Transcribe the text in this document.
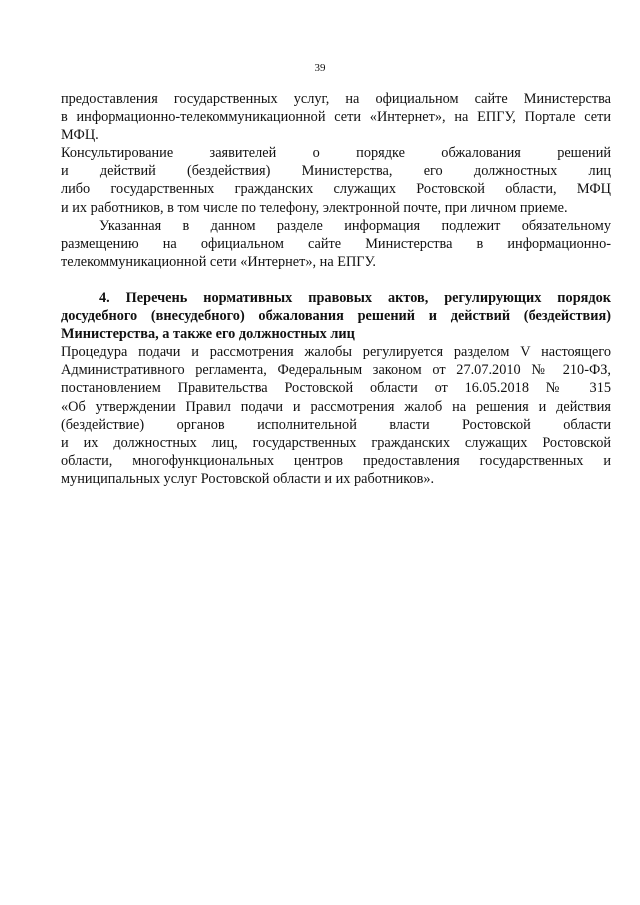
39
предоставления государственных услуг, на официальном сайте Министерства
в информационно-телекоммуникационной сети «Интернет», на ЕПГУ, Портале сети
МФЦ.
Консультирование заявителей о порядке обжалования решений
и действий (бездействия) Министерства, его должностных лиц
либо государственных гражданских служащих Ростовской области, МФЦ
и их работников, в том числе по телефону, электронной почте, при личном приеме.
Указанная в данном разделе информация подлежит обязательному
размещению на официальном сайте Министерства в информационно-
телекоммуникационной сети «Интернет», на ЕПГУ.
4. Перечень нормативных правовых актов, регулирующих порядок
досудебного (внесудебного) обжалования решений и действий (бездействия)
Министерства, а также его должностных лиц
Процедура подачи и рассмотрения жалобы регулируется разделом V настоящего
Административного регламента, Федеральным законом от 27.07.2010 № 210-ФЗ,
постановлением Правительства Ростовской области от 16.05.2018 № 315
«Об утверждении Правил подачи и рассмотрения жалоб на решения и действия
(бездействие) органов исполнительной власти Ростовской области
и их должностных лиц, государственных гражданских служащих Ростовской
области, многофункциональных центров предоставления государственных и
муниципальных услуг Ростовской области и их работников».
